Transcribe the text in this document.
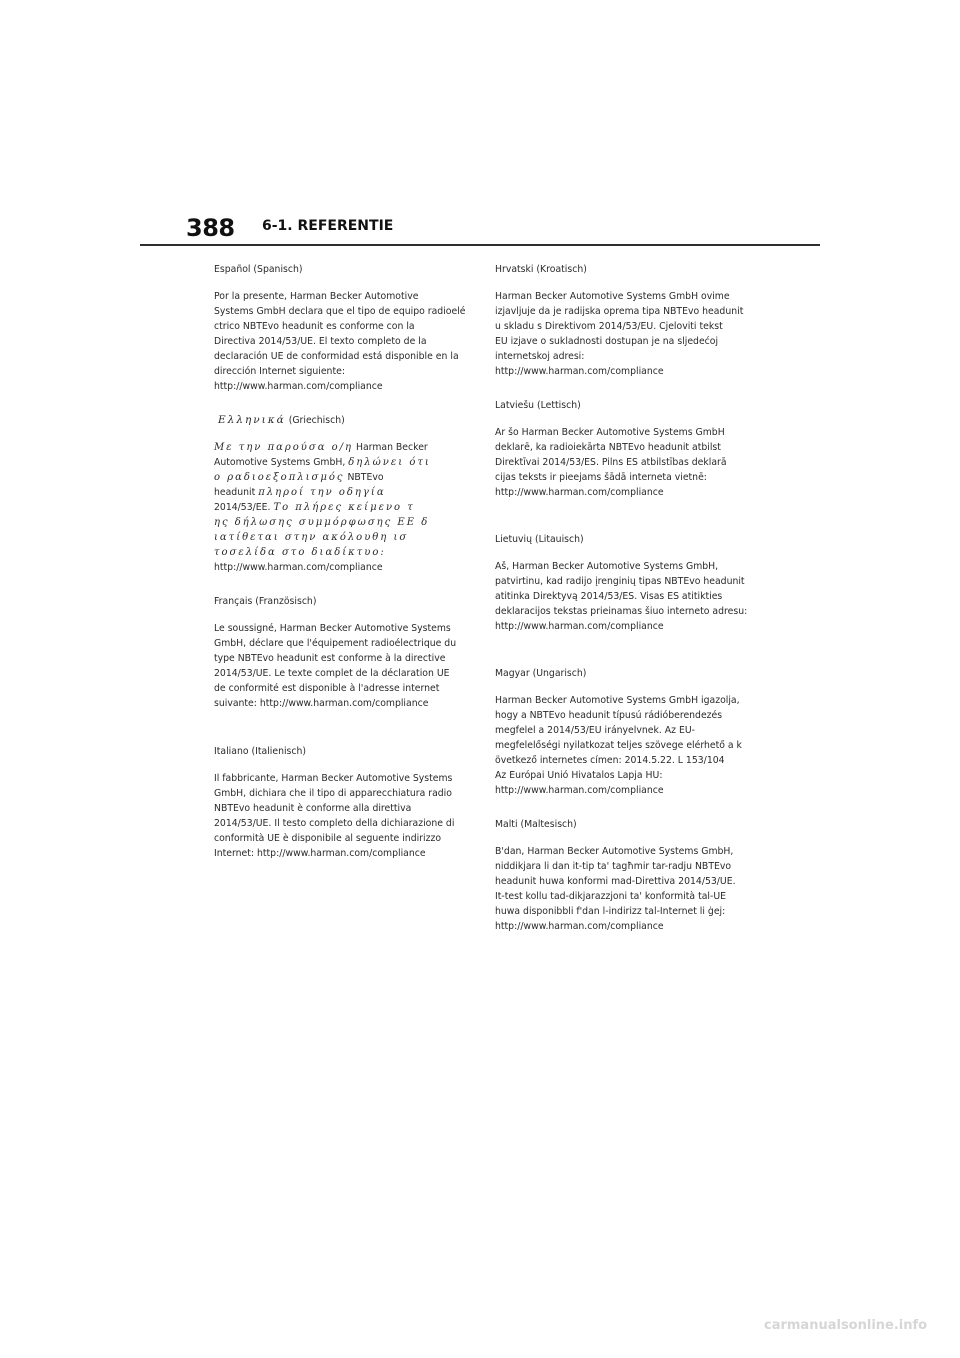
388 6-1. REFERENTIE

Español (Spanisch)

Por la presente, Harman Becker Automotive

Systems GmbH declara que el tipo de equipo radioelé

ctrico NBTEvo headunit es conforme con la

Directiva 2014/53/UE. El texto completo de la

declaración UE de conformidad está disponible en la

dirección Internet siguiente:

http://www.harman.com/compliance

Ελληνικά (Griechisch)

Με την παρούσα ο/η Harman Becker

Automotive Systems GmbH, δηλώνει ότι

ο ραδιοεξοπλισμός NBTEvo

headunit πληροί την οδηγία

2014/53/ΕΕ. Το πλήρες κείμενο τ

ης δήλωσης συμμόρφωσης ΕΕ δ

ιατίθεται στην ακόλουθη ισ

τοσελίδα στο διαδίκτυο:

http://www.harman.com/compliance

Français (Französisch)

Le soussigné, Harman Becker Automotive Systems

GmbH, déclare que l'équipement radioélectrique du

type NBTEvo headunit est conforme à la directive

2014/53/UE. Le texte complet de la déclaration UE

de conformité est disponible à l'adresse internet

suivante: http://www.harman.com/compliance

Italiano (Italienisch)

Il fabbricante, Harman Becker Automotive Systems

GmbH, dichiara che il tipo di apparecchiatura radio

NBTEvo headunit è conforme alla direttiva

2014/53/UE. Il testo completo della dichiarazione di

conformità UE è disponibile al seguente indirizzo

Internet: http://www.harman.com/compliance

Hrvatski (Kroatisch)

Harman Becker Automotive Systems GmbH ovime

izjavljuje da je radijska oprema tipa NBTEvo headunit

u skladu s Direktivom 2014/53/EU. Cjeloviti tekst

EU izjave o sukladnosti dostupan je na sljedećoj

internetskoj adresi:

http://www.harman.com/compliance

Latviešu (Lettisch)

Ar šo Harman Becker Automotive Systems GmbH

deklarē, ka radioiekārta NBTEvo headunit atbilst

Direktīvai 2014/53/ES. Pilns ES atbilstības deklarā

cijas teksts ir pieejams šādā interneta vietnē:

http://www.harman.com/compliance

Lietuvių (Litauisch)

Aš, Harman Becker Automotive Systems GmbH,

patvirtinu, kad radijo įrenginių tipas NBTEvo headunit

atitinka Direktyvą 2014/53/ES. Visas ES atitikties

deklaracijos tekstas prieinamas šiuo interneto adresu:

http://www.harman.com/compliance

Magyar (Ungarisch)

Harman Becker Automotive Systems GmbH igazolja,

hogy a NBTEvo headunit típusú rádióberendezés

megfelel a 2014/53/EU irányelvnek. Az EU-

megfelelőségi nyilatkozat teljes szövege elérhető a k

övetkező internetes címen: 2014.5.22. L 153/104

Az Európai Unió Hivatalos Lapja HU:

http://www.harman.com/compliance

Malti (Maltesisch)

B'dan, Harman Becker Automotive Systems GmbH,

niddikjara li dan it-tip ta' tagħmir tar-radju NBTEvo

headunit huwa konformi mad-Direttiva 2014/53/UE.

It-test kollu tad-dikjarazzjoni ta' konformità tal-UE

huwa disponibbli f'dan l-indirizz tal-Internet li ġej:

http://www.harman.com/compliance

carmanualsonline.info
